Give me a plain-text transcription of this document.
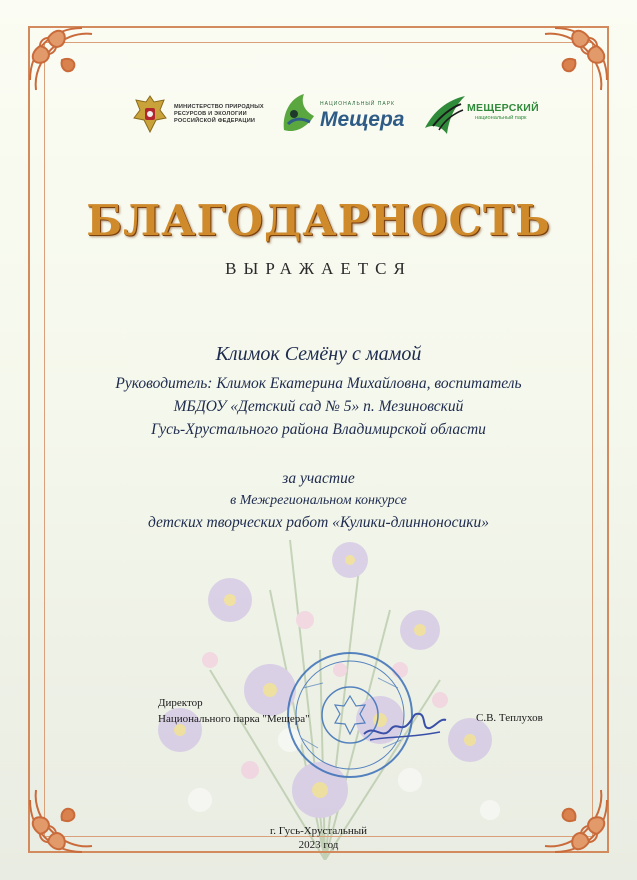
МИНИСТЕРСТВО ПРИРОДНЫХ РЕСУРСОВ И ЭКОЛОГИИ РОССИЙСКОЙ ФЕДЕРАЦИИ
НАЦИОНАЛЬНЫЙ ПАРК
Мещера	МЕЩЕРСКИЙ
национальный парк
БЛАГОДАРНОСТЬ
ВЫРАЖАЕТСЯ
Климок Семёну с мамой
Руководитель: Климок Екатерина Михайловна, воспитатель
МБДОУ «Детский сад № 5» п. Мезиновский
Гусь-Хрустального района Владимирской области
за участие
в Межрегиональном конкурсе
детских творческих работ «Кулики-длинноносики»
Директор
Национального парка "Мещера"	С.В. Теплухов
г. Гусь-Хрустальный
2023 год
